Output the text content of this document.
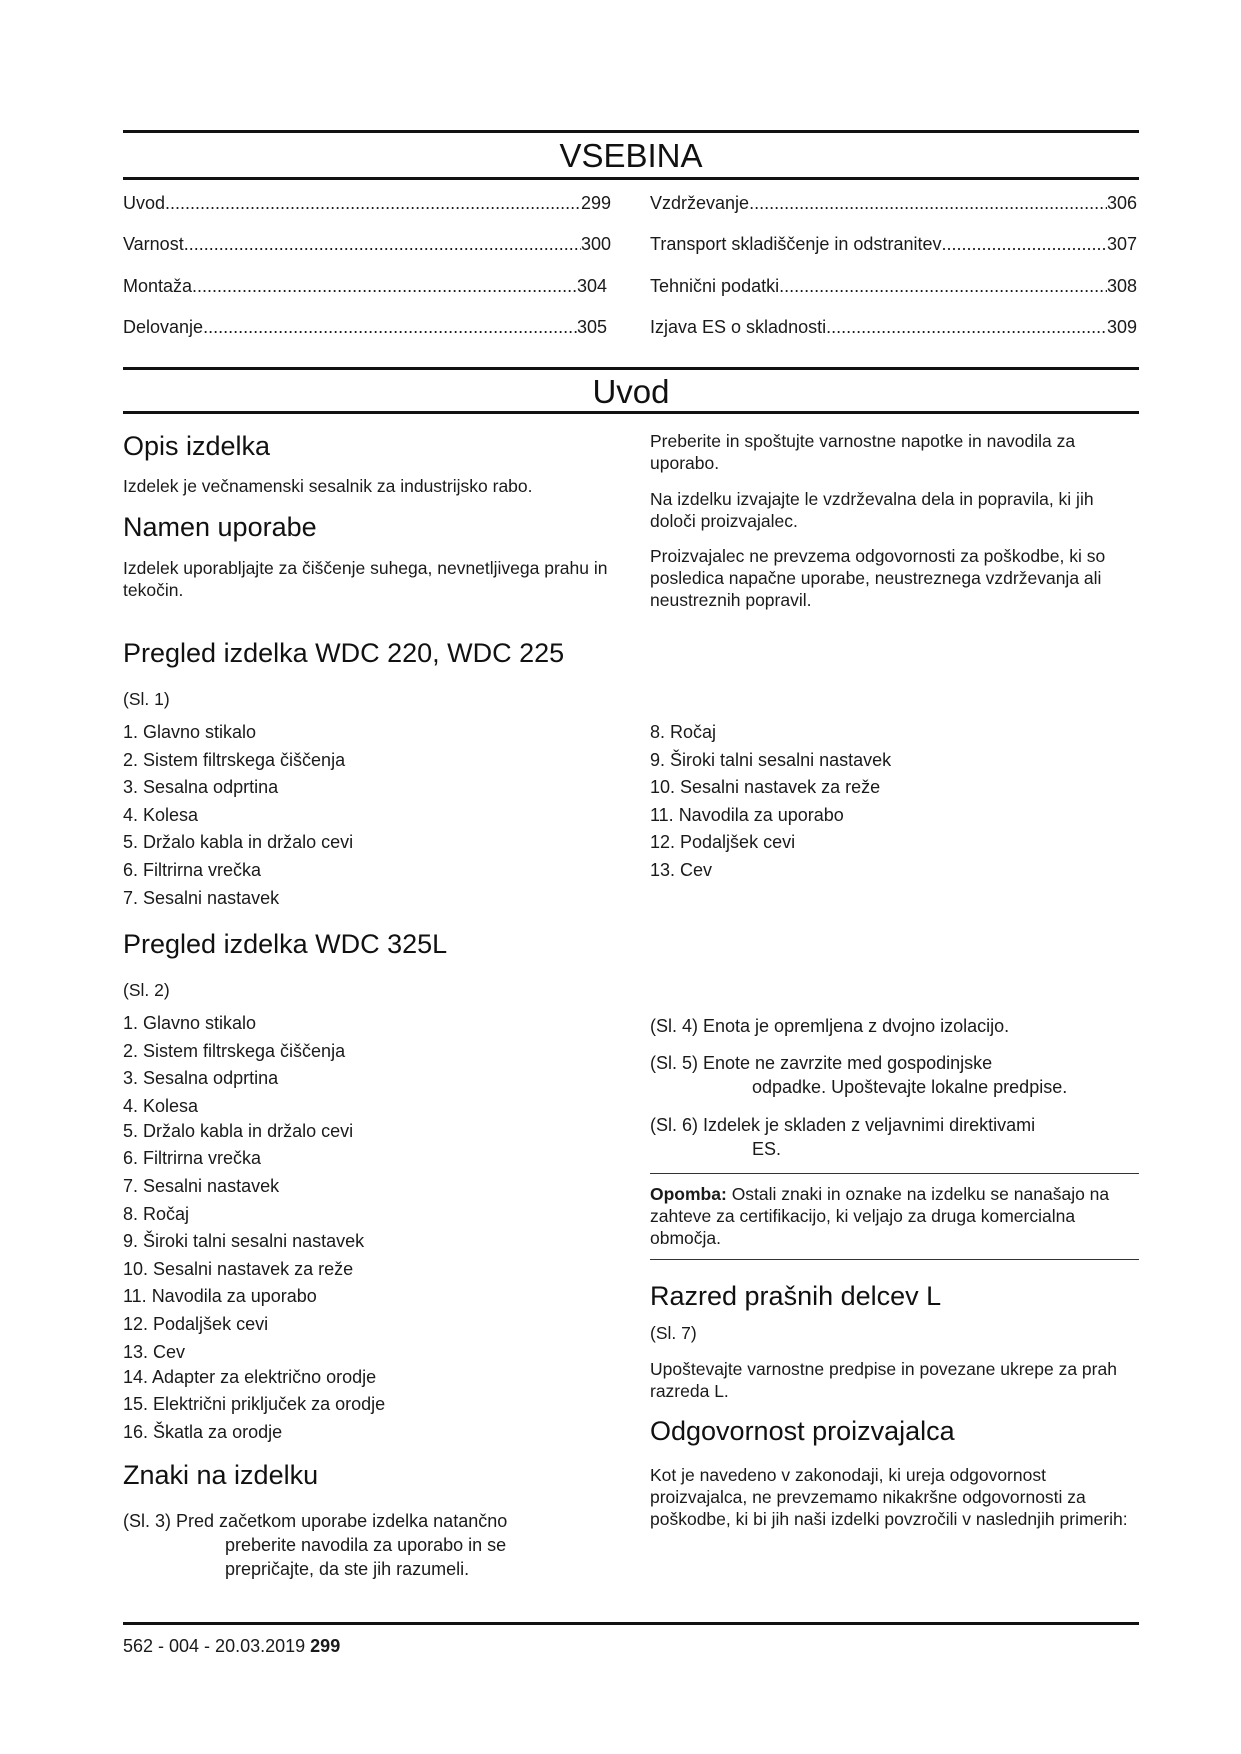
VSEBINA
Uvod .....	299
Varnost .....	300
Montaža .....	304
Delovanje .....	305
Vzdrževanje .....	306
Transport skladiščenje in odstranitev .....	307
Tehnični podatki .....	308
Izjava ES o skladnosti .....	309
Uvod
Opis izdelka

Izdelek je večnamenski sesalnik za industrijsko rabo.

Namen uporabe

Izdelek uporabljajte za čiščenje suhega, nevnetljivega prahu in tekočin.

Preberite in spoštujte varnostne napotke in navodila za uporabo.

Na izdelku izvajajte le vzdrževalna dela in popravila, ki jih določi proizvajalec.

Proizvajalec ne prevzema odgovornosti za poškodbe, ki so posledica napačne uporabe, neustreznega vzdrževanja ali neustreznih popravil.

Pregled izdelka WDC 220, WDC 225

(Sl. 1)

1. Glavno stikalo
2. Sistem filtrskega čiščenja
3. Sesalna odprtina
4. Kolesa
5. Držalo kabla in držalo cevi
6. Filtrirna vrečka
7. Sesalni nastavek
8. Ročaj
9. Široki talni sesalni nastavek
10. Sesalni nastavek za reže
11. Navodila za uporabo
12. Podaljšek cevi
13. Cev
Pregled izdelka WDC 325L

(Sl. 2)

1. Glavno stikalo
2. Sistem filtrskega čiščenja
3. Sesalna odprtina
4. Kolesa
5. Držalo kabla in držalo cevi
6. Filtrirna vrečka
7. Sesalni nastavek
8. Ročaj
9. Široki talni sesalni nastavek
10. Sesalni nastavek za reže
11. Navodila za uporabo
12. Podaljšek cevi
13. Cev
14. Adapter za električno orodje
15. Električni priključek za orodje
16. Škatla za orodje
Znaki na izdelku
(Sl. 3) Pred začetkom uporabe izdelka natančno
preberite navodila za uporabo in se
prepričajte, da ste jih razumeli.
(Sl. 4) Enota je opremljena z dvojno izolacijo.
(Sl. 5) Enote ne zavrzite med gospodinjske
odpadke. Upoštevajte lokalne predpise.
(Sl. 6) Izdelek je skladen z veljavnimi direktivami
ES.

Opomba: Ostali znaki in oznake na izdelku se nanašajo na zahteve za certifikacijo, ki veljajo za druga komercialna območja.

Razred prašnih delcev L

(Sl. 7)

Upoštevajte varnostne predpise in povezane ukrepe za prah razreda L.

Odgovornost proizvajalca

Kot je navedeno v zakonodaji, ki ureja odgovornost proizvajalca, ne prevzemamo nikakršne odgovornosti za poškodbe, ki bi jih naši izdelki povzročili v naslednjih primerih:

562 - 004 - 20.03.2019 299
